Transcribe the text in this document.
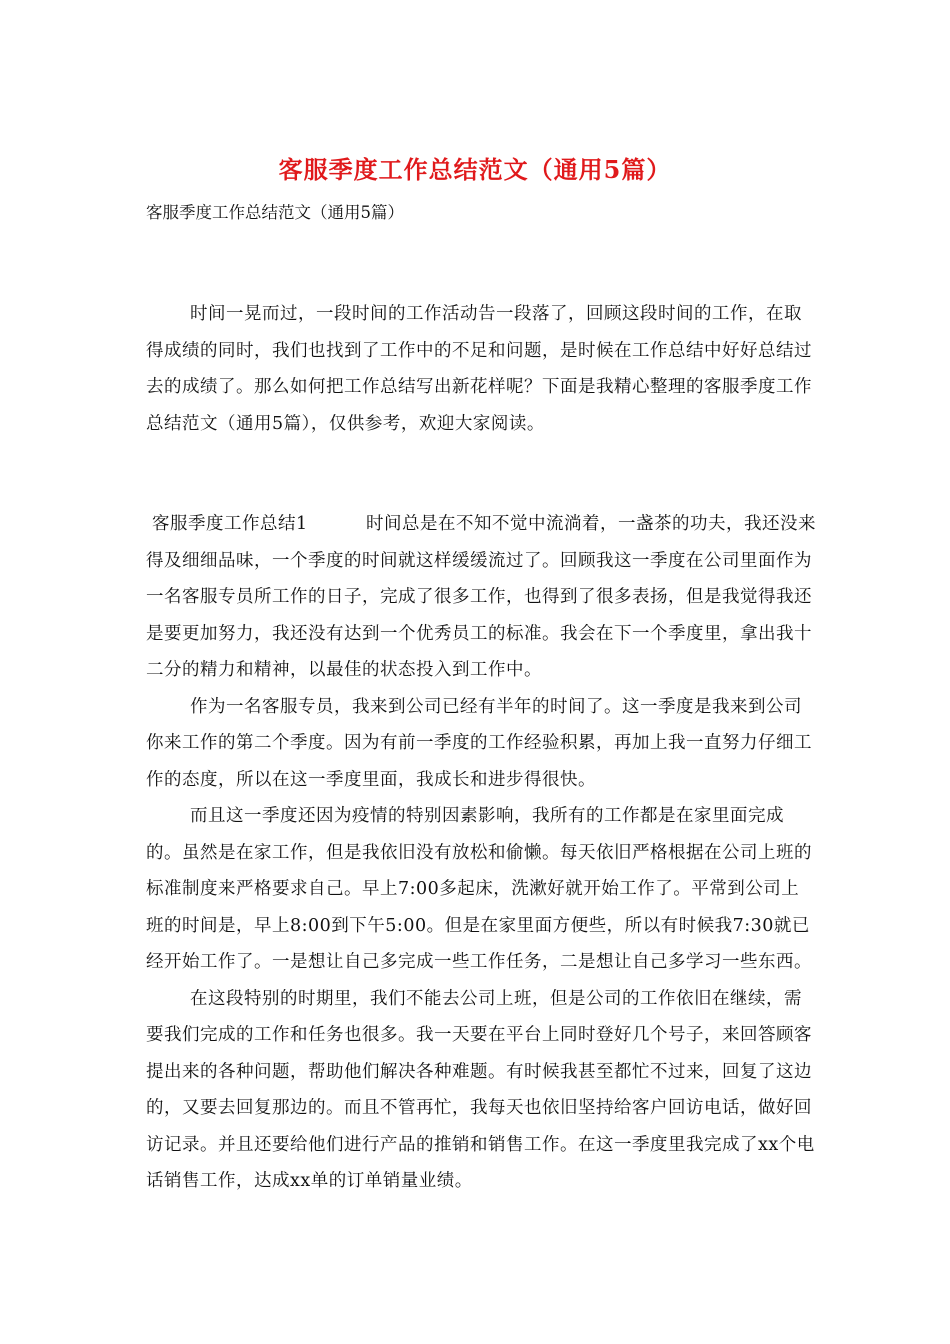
客服季度工作总结范文（通用5篇）
客服季度工作总结范文（通用5篇）

时间一晃而过，一段时间的工作活动告一段落了，回顾这段时间的工作，在取得成绩的同时，我们也找到了工作中的不足和问题，是时候在工作总结中好好总结过去的成绩了。那么如何把工作总结写出新花样呢？下面是我精心整理的客服季度工作总结范文（通用5篇），仅供参考，欢迎大家阅读。

客服季度工作总结1	时间总是在不知不觉中流淌着，一盏茶的功夫，我还没来得及细细品味，一个季度的时间就这样缓缓流过了。回顾我这一季度在公司里面作为一名客服专员所工作的日子，完成了很多工作，也得到了很多表扬，但是我觉得我还是要更加努力，我还没有达到一个优秀员工的标准。我会在下一个季度里，拿出我十二分的精力和精神，以最佳的状态投入到工作中。

作为一名客服专员，我来到公司已经有半年的时间了。这一季度是我来到公司你来工作的第二个季度。因为有前一季度的工作经验积累，再加上我一直努力仔细工作的态度，所以在这一季度里面，我成长和进步得很快。

而且这一季度还因为疫情的特别因素影响，我所有的工作都是在家里面完成的。虽然是在家工作，但是我依旧没有放松和偷懒。每天依旧严格根据在公司上班的标准制度来严格要求自己。早上7:00多起床，洗漱好就开始工作了。平常到公司上班的时间是，早上8:00到下午5:00。但是在家里面方便些，所以有时候我7:30就已经开始工作了。一是想让自己多完成一些工作任务，二是想让自己多学习一些东西。

在这段特别的时期里，我们不能去公司上班，但是公司的工作依旧在继续，需要我们完成的工作和任务也很多。我一天要在平台上同时登好几个号子，来回答顾客提出来的各种问题，帮助他们解决各种难题。有时候我甚至都忙不过来，回复了这边的，又要去回复那边的。而且不管再忙，我每天也依旧坚持给客户回访电话，做好回访记录。并且还要给他们进行产品的推销和销售工作。在这一季度里我完成了xx个电话销售工作，达成xx单的订单销量业绩。
